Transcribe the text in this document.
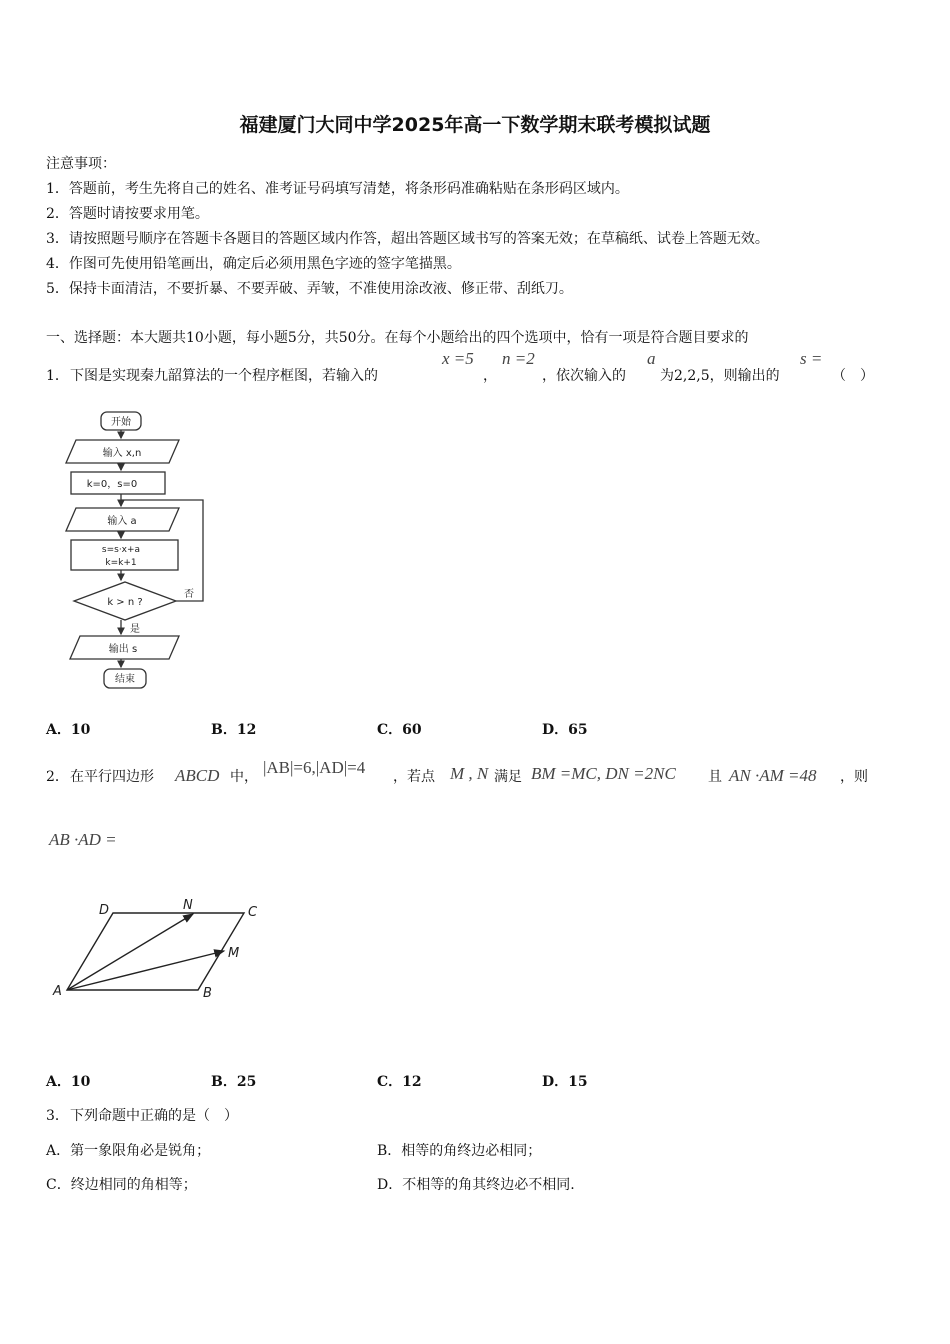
福建厦门大同中学2025年高一下数学期末联考模拟试题
注意事项：
1．答题前，考生先将自己的姓名、准考证号码填写清楚，将条形码准确粘贴在条形码区域内。
2．答题时请按要求用笔。
3．请按照题号顺序在答题卡各题目的答题区域内作答，超出答题区域书写的答案无效；在草稿纸、试卷上答题无效。
4．作图可先使用铅笔画出，确定后必须用黑色字迹的签字笔描黑。
5．保持卡面清洁，不要折暴、不要弄破、弄皱，不准使用涂改液、修正带、刮纸刀。
一、选择题：本大题共10小题，每小题5分，共50分。在每个小题给出的四个选项中，恰有一项是符合题目要求的
1． 下图是实现秦九韶算法的一个程序框图，若输入的
x =5
，
n =2
，依次输入的
a
为2,2,5，则输出的
s =
（　）
开始
输入 x,n
k=0，s=0
输入 a
s=s·x+a
k=k+1
k > n ?
否
是
输出 s
结束
A．10	B．12	C．60	D．65
2． 在平行四边形 ABCD 中， |AB|=6,|AD|=4 ，若点 M , N 满足 BM =MC, DN =2NC 且 AN ·AM =48 ，则
AB ·AD =
A	B
C
D
M
N
A．10	B．25	C．12	D．15
3． 下列命题中正确的是（　）
A．第一象限角必是锐角；	B．相等的角终边必相同；
C．终边相同的角相等；	D．不相等的角其终边必不相同.
